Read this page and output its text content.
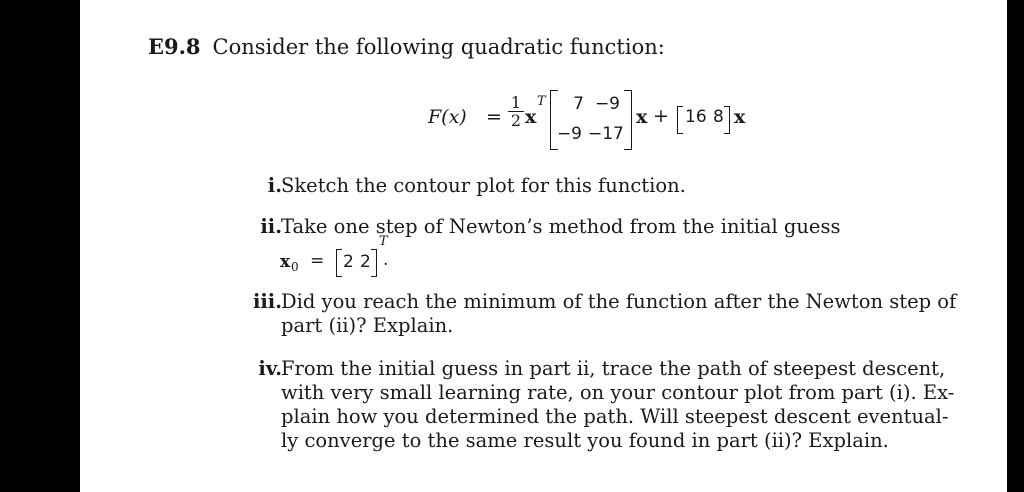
E9.8 Consider the following quadratic function:
$F(x) = \frac{1}{2}$ x
T	7 −9
−9 −17
x + 16 8 x
i. Sketch the contour plot for this function.
ii. Take one step of Newton’s method from the initial guess
x 0 = 2 2
T
.
iii. Did you reach the minimum of the function after the Newton step of
part (ii)? Explain.
iv. From the initial guess in part ii, trace the path of steepest descent,
with very small learning rate, on your contour plot from part (i). Ex-
plain how you determined the path. Will steepest descent eventual-
ly converge to the same result you found in part (ii)? Explain.
